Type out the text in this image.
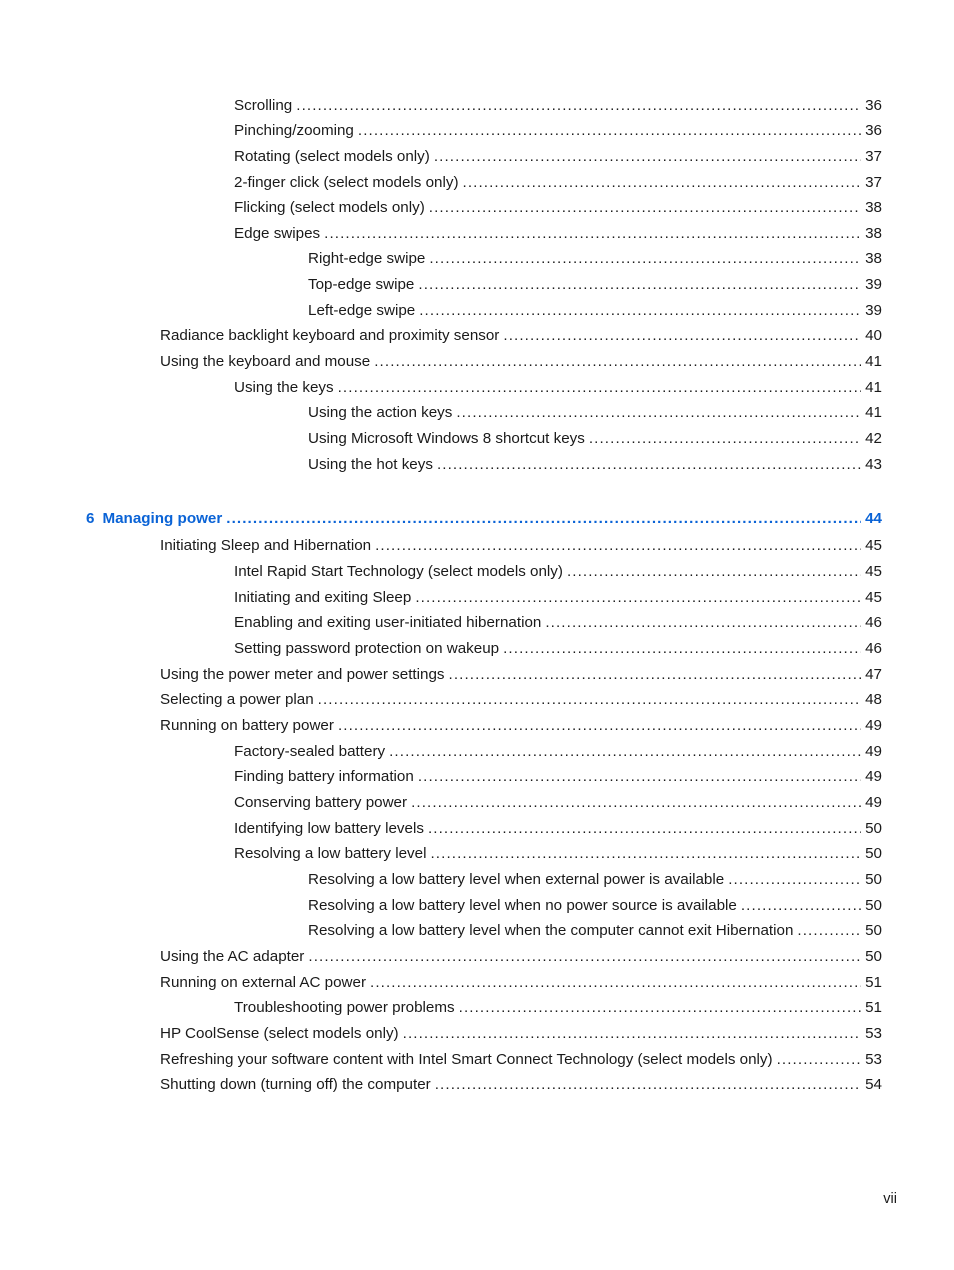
Scrolling .....	36
Pinching/zooming .....	36
Rotating (select models only) .....	37
2-finger click (select models only) .....	37
Flicking (select models only) .....	38
Edge swipes .....	38
Right-edge swipe .....	38
Top-edge swipe .....	39
Left-edge swipe .....	39
Radiance backlight keyboard and proximity sensor .....	40
Using the keyboard and mouse .....	41
Using the keys .....	41
Using the action keys .....	41
Using Microsoft Windows 8 shortcut keys .....	42
Using the hot keys .....	43
6 Managing power .....	44
Initiating Sleep and Hibernation .....	45
Intel Rapid Start Technology (select models only) .....	45
Initiating and exiting Sleep .....	45
Enabling and exiting user-initiated hibernation .....	46
Setting password protection on wakeup .....	46
Using the power meter and power settings .....	47
Selecting a power plan .....	48
Running on battery power .....	49
Factory-sealed battery .....	49
Finding battery information .....	49
Conserving battery power .....	49
Identifying low battery levels .....	50
Resolving a low battery level .....	50
Resolving a low battery level when external power is available .....	50
Resolving a low battery level when no power source is available .....	50
Resolving a low battery level when the computer cannot exit Hibernation .....	50
Using the AC adapter .....	50
Running on external AC power .....	51
Troubleshooting power problems .....	51
HP CoolSense (select models only) .....	53
Refreshing your software content with Intel Smart Connect Technology (select models only) .....	53
Shutting down (turning off) the computer .....	54
vii
